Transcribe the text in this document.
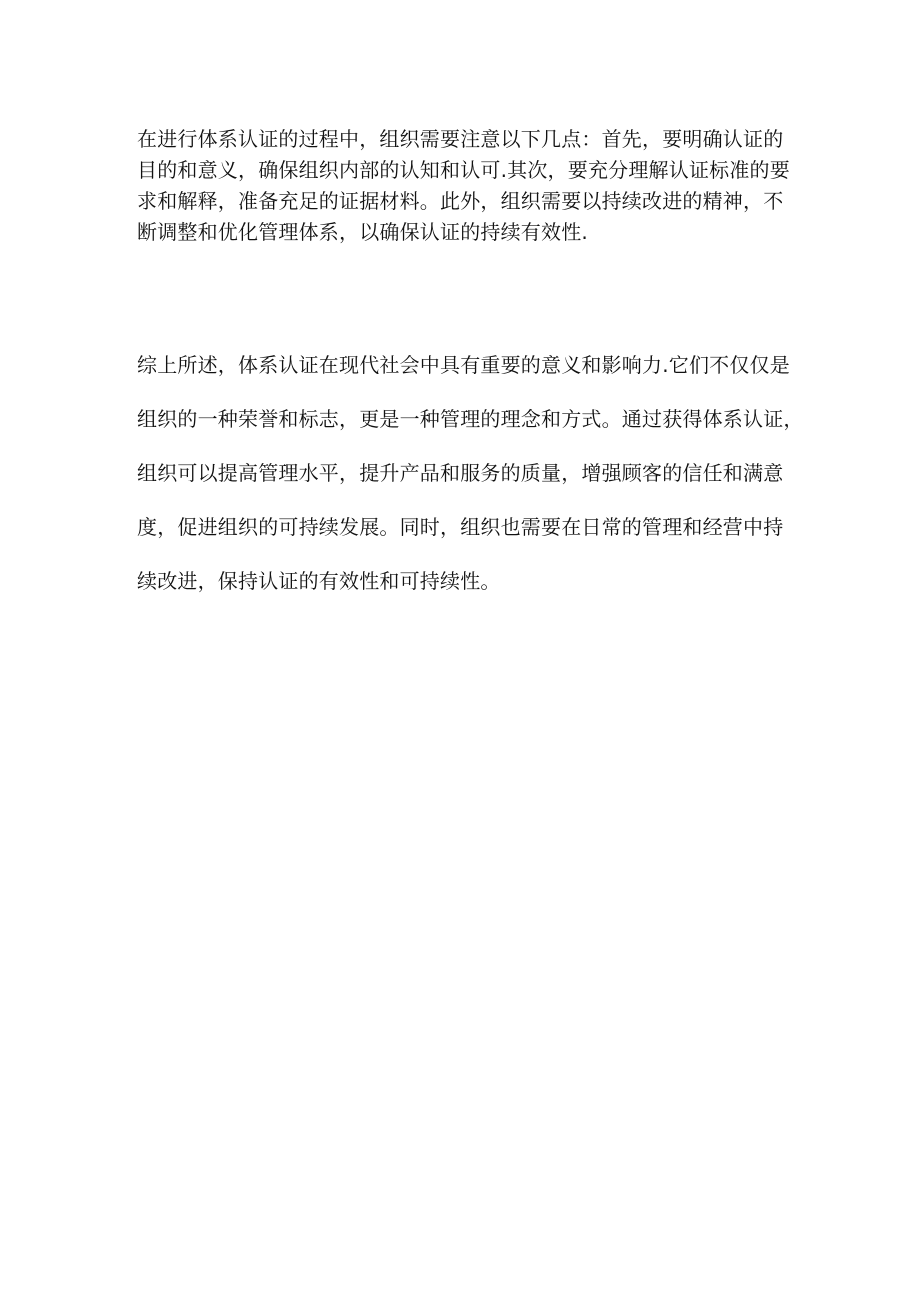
在进行体系认证的过程中，组织需要注意以下几点：首先，要明确认证的
目的和意义，确保组织内部的认知和认可.其次，要充分理解认证标准的要
求和解释，准备充足的证据材料。此外，组织需要以持续改进的精神，不
断调整和优化管理体系，以确保认证的持续有效性.
综上所述，体系认证在现代社会中具有重要的意义和影响力.它们不仅仅是
组织的一种荣誉和标志，更是一种管理的理念和方式。通过获得体系认证，
组织可以提高管理水平，提升产品和服务的质量，增强顾客的信任和满意
度，促进组织的可持续发展。同时，组织也需要在日常的管理和经营中持
续改进，保持认证的有效性和可持续性。
